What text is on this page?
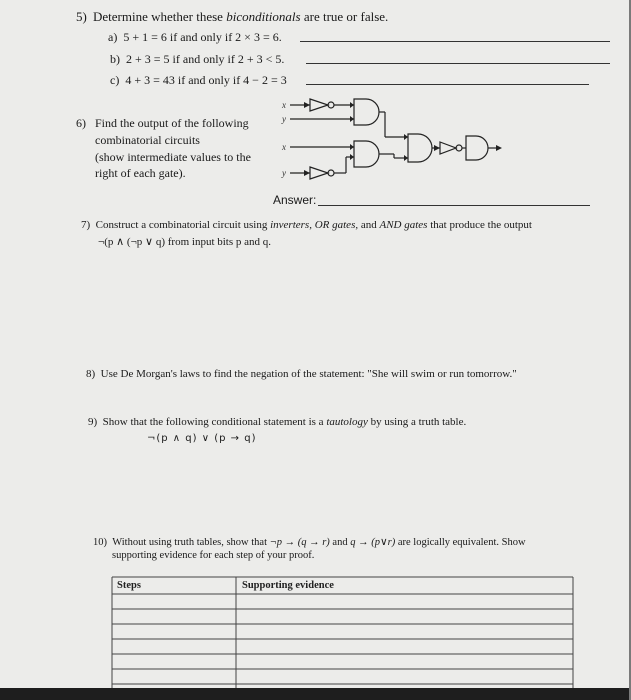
5) Determine whether these biconditionals are true or false.
a) 5 + 1 = 6 if and only if 2 × 3 = 6.
b) 2 + 3 = 5 if and only if 2 + 3 < 5.
c) 4 + 3 = 43 if and only if 4 − 2 = 3
6) Find the output of the following
combinatorial circuits
(show intermediate values to the
right of each gate).
x
y
x
y
Answer:
7) Construct a combinatorial circuit using inverters, OR gates, and AND gates that produce the output
¬(p ∧ (¬p ∨ q) from input bits p and q.
8) Use De Morgan's laws to find the negation of the statement: "She will swim or run tomorrow."
9) Show that the following conditional statement is a tautology by using a truth table.
¬(p ∧ q) ∨ (p → q)
10) Without using truth tables, show that ¬p → (q → r) and q → (p∨r) are logically equivalent. Show
supporting evidence for each step of your proof.
Steps	Supporting evidence
